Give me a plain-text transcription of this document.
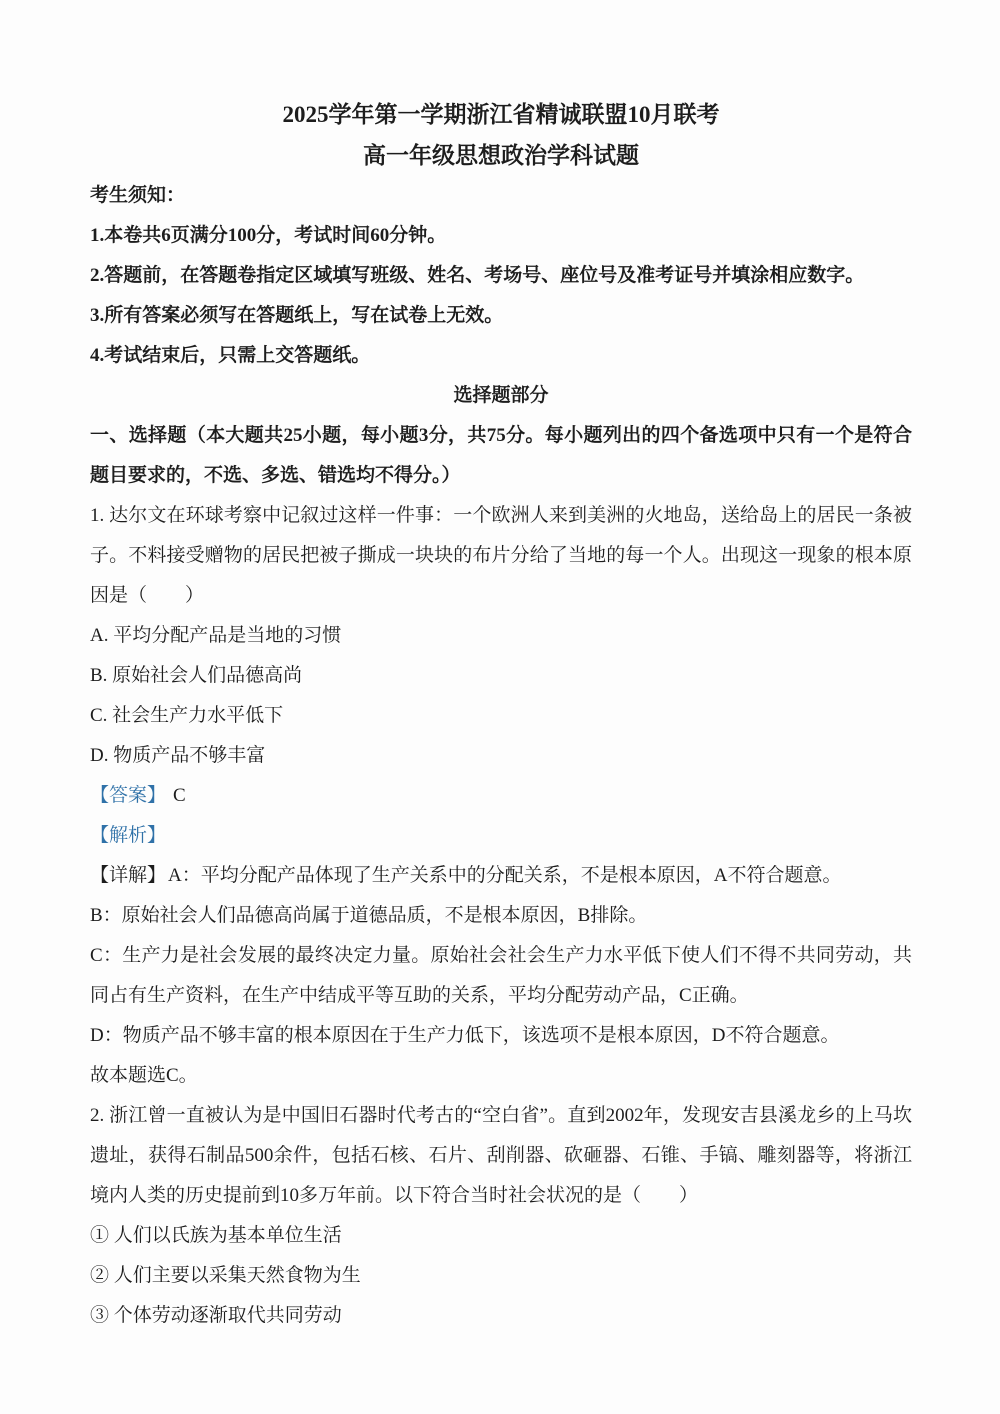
2025学年第一学期浙江省精诚联盟10月联考
高一年级思想政治学科试题

考生须知：

1.本卷共6页满分100分，考试时间60分钟。

2.答题前，在答题卷指定区域填写班级、姓名、考场号、座位号及准考证号并填涂相应数字。

3.所有答案必须写在答题纸上，写在试卷上无效。

4.考试结束后，只需上交答题纸。

选择题部分

一、选择题（本大题共25小题，每小题3分，共75分。每小题列出的四个备选项中只有一个是符合题目要求的，不选、多选、错选均不得分。）

1. 达尔文在环球考察中记叙过这样一件事：一个欧洲人来到美洲的火地岛，送给岛上的居民一条被子。不料接受赠物的居民把被子撕成一块块的布片分给了当地的每一个人。出现这一现象的根本原因是（　　）

A. 平均分配产品是当地的习惯

B. 原始社会人们品德高尚

C. 社会生产力水平低下

D. 物质产品不够丰富

【答案】 C

【解析】

【详解】 A：平均分配产品体现了生产关系中的分配关系，不是根本原因，A不符合题意。

B：原始社会人们品德高尚属于道德品质，不是根本原因，B排除。

C：生产力是社会发展的最终决定力量。原始社会社会生产力水平低下使人们不得不共同劳动，共同占有生产资料，在生产中结成平等互助的关系，平均分配劳动产品，C正确。

D：物质产品不够丰富的根本原因在于生产力低下，该选项不是根本原因，D不符合题意。

故本题选C。

2. 浙江曾一直被认为是中国旧石器时代考古的“空白省”。直到2002年，发现安吉县溪龙乡的上马坎遗址，获得石制品500余件，包括石核、石片、刮削器、砍砸器、石锥、手镐、雕刻器等，将浙江境内人类的历史提前到10多万年前。以下符合当时社会状况的是（　　）

① 人们以氏族为基本单位生活

② 人们主要以采集天然食物为生

③ 个体劳动逐渐取代共同劳动
